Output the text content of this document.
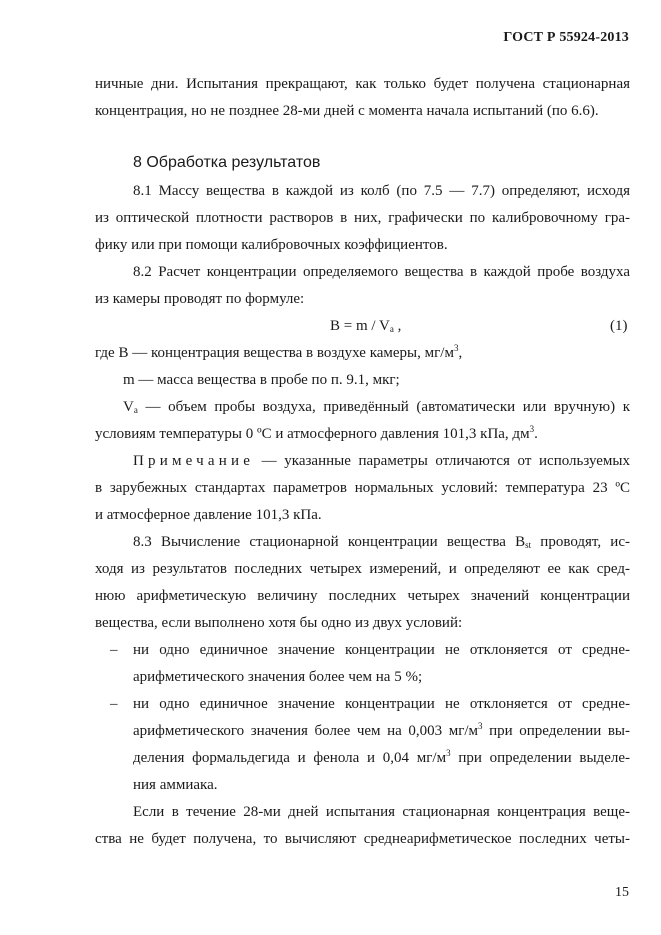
ГОСТ Р 55924-2013
ничные дни. Испытания прекращают, как только будет получена стационарная
концентрация, но не позднее 28-ми дней с момента начала испытаний (по 6.6).
8 Обработка результатов
8.1 Массу вещества в каждой из колб (по 7.5 — 7.7) определяют, исходя
из оптической плотности растворов в них, графически по калибровочному гра-
фику или при помощи калибровочных коэффициентов.
8.2 Расчет концентрации определяемого вещества в каждой пробе воздуха
из камеры проводят по формуле:
$B = m / V_a$ ,	(1)
где B — концентрация вещества в воздухе камеры, $мг/м^3$,
m — масса вещества в пробе по п. 9.1, мкг;
$V_a$ — объем пробы воздуха, приведённый (автоматически или вручную) к
условиям температуры 0 ºC и атмосферного давления 101,3 кПа, $дм^3$.
Примечание — указанные параметры отличаются от используемых
в зарубежных стандартах параметров нормальных условий: температура 23 ºC
и атмосферное давление 101,3 кПа.
8.3 Вычисление стационарной концентрации вещества $B_{st}$ проводят, ис-
ходя из результатов последних четырех измерений, и определяют ее как сред-
нюю арифметическую величину последних четырех значений концентрации
вещества, если выполнено хотя бы одно из двух условий:
– ни одно единичное значение концентрации не отклоняется от средне-
арифметического значения более чем на 5 %;
– ни одно единичное значение концентрации не отклоняется от средне-
арифметического значения более чем на 0,003 $мг/м^3$ при определении вы-
деления формальдегида и фенола и 0,04 $мг/м^3$ при определении выделе-
ния аммиака.
Если в течение 28-ми дней испытания стационарная концентрация веще-
ства не будет получена, то вычисляют среднеарифметическое последних четы-
15
